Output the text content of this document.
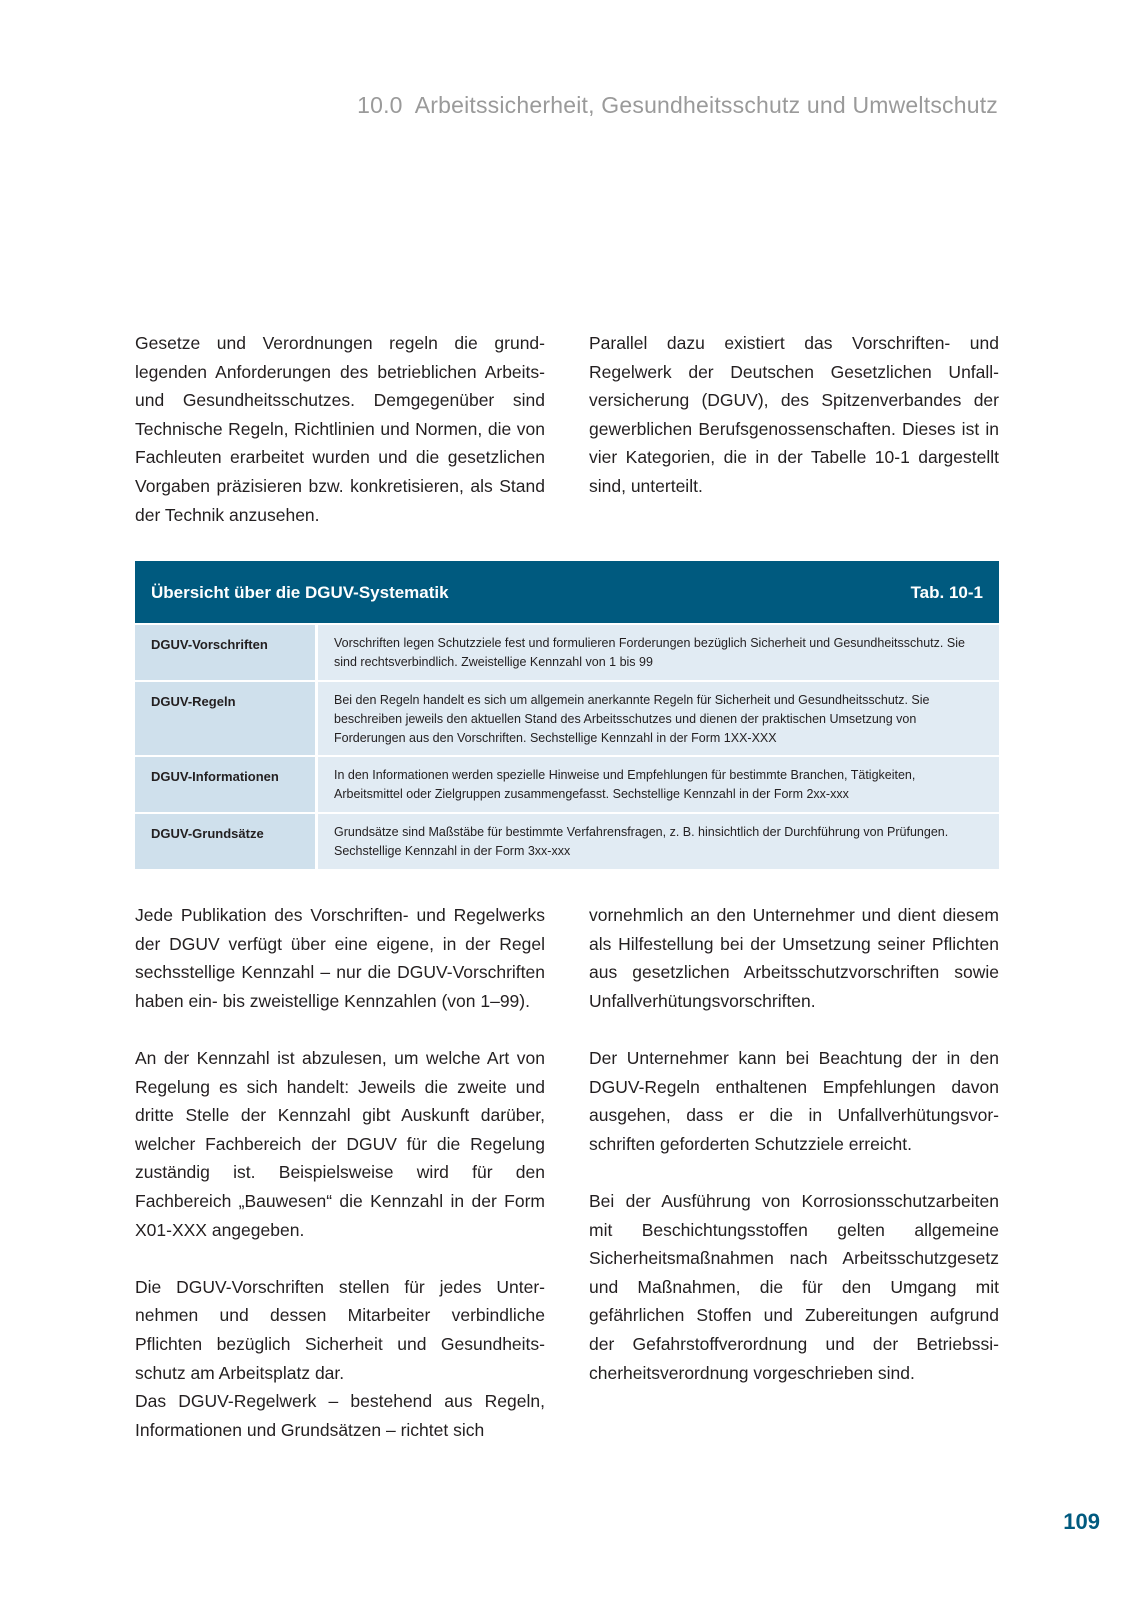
10.0 Arbeitssicherheit, Gesundheitsschutz und Umweltschutz

Gesetze und Verordnungen regeln die grundlegenden Anforderungen des betrieblichen Arbeits- und Gesundheitsschutzes. Demgegenüber sind Technische Regeln, Richtlinien und Normen, die von Fachleuten erarbeitet wurden und die gesetzlichen Vorgaben präzisieren bzw. konkretisieren, als Stand der Technik anzusehen.

Parallel dazu existiert das Vorschriften- und Regelwerk der Deutschen Gesetzlichen Unfallversicherung (DGUV), des Spitzenverbandes der gewerblichen Berufsgenossenschaften. Dieses ist in vier Kategorien, die in der Tabelle 10-1 dargestellt sind, unterteilt.

Übersicht über die DGUV-Systematik	Tab. 10-1
DGUV-Vorschriften	Vorschriften legen Schutzziele fest und formulieren Forderungen bezüglich Sicherheit und Gesundheitsschutz. Sie sind rechtsverbindlich. Zweistellige Kennzahl von 1 bis 99
DGUV-Regeln	Bei den Regeln handelt es sich um allgemein anerkannte Regeln für Sicherheit und Gesundheitsschutz. Sie beschreiben jeweils den aktuellen Stand des Arbeitsschutzes und dienen der praktischen Umsetzung von Forderungen aus den Vorschriften. Sechstellige Kennzahl in der Form 1XX-XXX
DGUV-Informationen	In den Informationen werden spezielle Hinweise und Empfehlungen für bestimmte Branchen, Tätigkeiten, Arbeitsmittel oder Zielgruppen zusammengefasst. Sechstellige Kennzahl in der Form 2xx-xxx
DGUV-Grundsätze	Grundsätze sind Maßstäbe für bestimmte Verfahrensfragen, z. B. hinsichtlich der Durchführung von Prüfungen. Sechstellige Kennzahl in der Form 3xx-xxx

Jede Publikation des Vorschriften- und Regelwerks der DGUV verfügt über eine eigene, in der Regel sechsstellige Kennzahl – nur die DGUV-Vorschriften haben ein- bis zweistellige Kennzahlen (von 1–99).

An der Kennzahl ist abzulesen, um welche Art von Regelung es sich handelt: Jeweils die zweite und dritte Stelle der Kennzahl gibt Auskunft darüber, welcher Fachbereich der DGUV für die Regelung zuständig ist. Beispielsweise wird für den Fachbereich „Bauwesen“ die Kennzahl in der Form X01-XXX angegeben.

Die DGUV-Vorschriften stellen für jedes Unternehmen und dessen Mitarbeiter verbindliche Pflichten bezüglich Sicherheit und Gesundheitsschutz am Arbeitsplatz dar.

Das DGUV-Regelwerk – bestehend aus Regeln, Informationen und Grundsätzen – richtet sich

vornehmlich an den Unternehmer und dient diesem als Hilfestellung bei der Umsetzung seiner Pflichten aus gesetzlichen Arbeitsschutzvorschriften sowie Unfallverhütungsvorschriften.

Der Unternehmer kann bei Beachtung der in den DGUV-Regeln enthaltenen Empfehlungen davon ausgehen, dass er die in Unfallverhütungsvorschriften geforderten Schutzziele erreicht.

Bei der Ausführung von Korrosionsschutzarbeiten mit Beschichtungsstoffen gelten allgemeine Sicherheitsmaßnahmen nach Arbeitsschutzgesetz und Maßnahmen, die für den Umgang mit gefährlichen Stoffen und Zubereitungen aufgrund der Gefahrstoffverordnung und der Betriebssicherheitsverordnung vorgeschrieben sind.

109
